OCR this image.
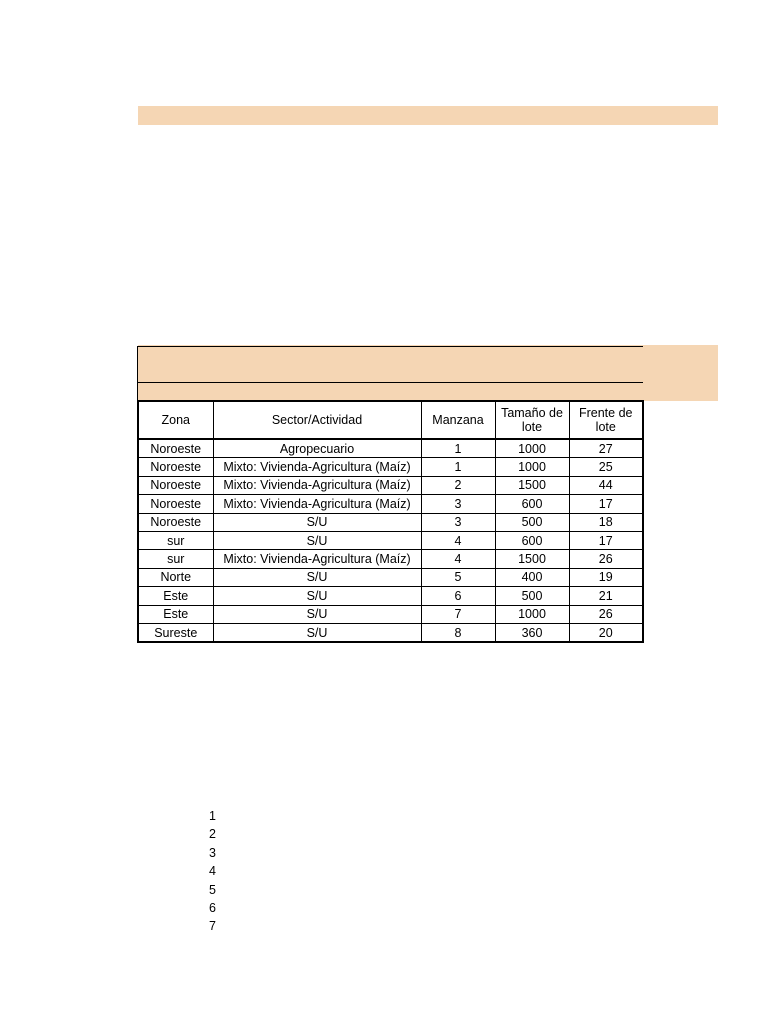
Zona	Sector/Actividad	Manzana	Tamaño de lote	Frente de lote
Noroeste	Agropecuario	1	1000	27
Noroeste	Mixto: Vivienda-Agricultura (Maíz)	1	1000	25
Noroeste	Mixto: Vivienda-Agricultura (Maíz)	2	1500	44
Noroeste	Mixto: Vivienda-Agricultura (Maíz)	3	600	17
Noroeste	S/U	3	500	18
sur	S/U	4	600	17
sur	Mixto: Vivienda-Agricultura (Maíz)	4	1500	26
Norte	S/U	5	400	19
Este	S/U	6	500	21
Este	S/U	7	1000	26
Sureste	S/U	8	360	20
1
2
3
4
5
6
7
